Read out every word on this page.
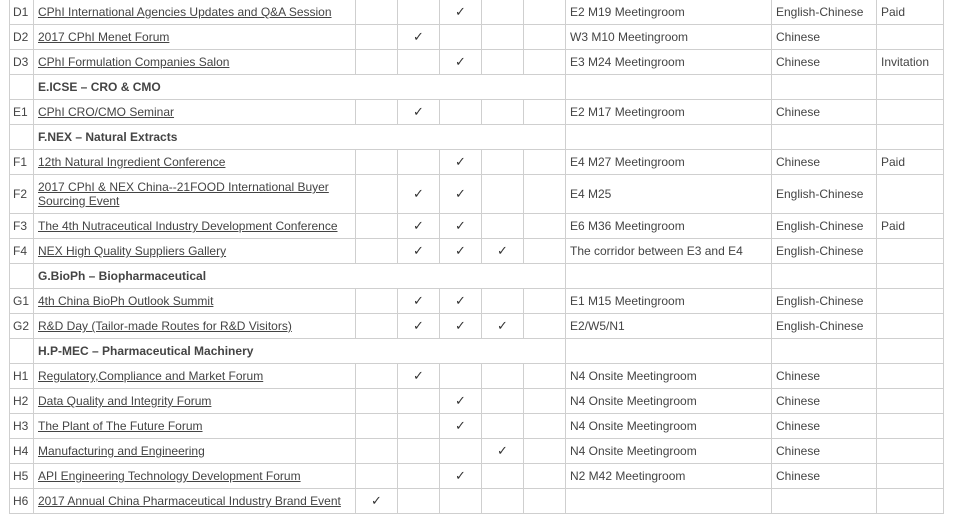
D1	CPhI International Agencies Updates and Q&A Session			✓			E2 M19 Meetingroom	English-Chinese	Paid
D2	2017 CPhI Menet Forum		✓				W3 M10 Meetingroom	Chinese	
D3	CPhI Formulation Companies Salon			✓			E3 M24 Meetingroom	Chinese	Invitation
	E.ICSE – CRO & CMO								
E1	CPhI CRO/CMO Seminar		✓				E2 M17 Meetingroom	Chinese	
	F.NEX – Natural Extracts								
F1	12th Natural Ingredient Conference			✓			E4 M27 Meetingroom	Chinese	Paid
F2	2017 CPhI & NEX China--21FOOD International Buyer Sourcing Event		✓	✓			E4 M25	English-Chinese	
F3	The 4th Nutraceutical Industry Development Conference		✓	✓			E6 M36 Meetingroom	English-Chinese	Paid
F4	NEX High Quality Suppliers Gallery		✓	✓	✓		The corridor between E3 and E4	English-Chinese	
	G.BioPh – Biopharmaceutical								
G1	4th China BioPh Outlook Summit		✓	✓			E1 M15 Meetingroom	English-Chinese	
G2	R&D Day (Tailor-made Routes for R&D Visitors)		✓	✓	✓		E2/W5/N1	English-Chinese	
	H.P-MEC – Pharmaceutical Machinery								
H1	Regulatory,Compliance and Market Forum		✓				N4 Onsite Meetingroom	Chinese	
H2	Data Quality and Integrity Forum			✓			N4 Onsite Meetingroom	Chinese	
H3	The Plant of The Future Forum			✓			N4 Onsite Meetingroom	Chinese	
H4	Manufacturing and Engineering				✓		N4 Onsite Meetingroom	Chinese	
H5	API Engineering Technology Development Forum			✓			N2 M42 Meetingroom	Chinese	
H6	2017 Annual China Pharmaceutical Industry Brand Event	✓							
